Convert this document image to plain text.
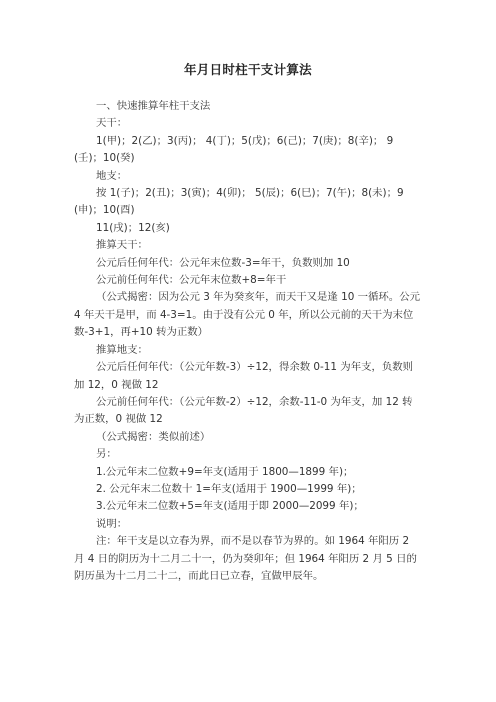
年月日时柱干支计算法

一、快速推算年柱干支法

天干：

1(甲)；2(乙)；3(丙)； 4(丁)；5(戊)；6(己)；7(庚)；8(辛)； 9(壬)；10(癸)

地支：

按 1(子)；2(丑)；3(寅)；4(卯)； 5(辰)；6(巳)；7(午)；8(未)；9(申)；10(酉)

11(戌)；12(亥)

推算天干：

公元后任何年代：公元年末位数-3=年干，负数则加 10

公元前任何年代：公元年末位数+8=年干

（公式揭密：因为公元 3 年为癸亥年，而天干又是逢 10 一循环。公元 4 年天干是甲，而 4-3=1。由于没有公元 0 年，所以公元前的天干为末位数-3+1，再+10 转为正数）

推算地支：

公元后任何年代：（公元年数-3）÷12，得余数 0-11 为年支，负数则加 12，0 视做 12

公元前任何年代：（公元年数-2）÷12，余数-11-0 为年支，加 12 转为正数，0 视做 12

（公式揭密：类似前述）

另：

1.公元年末二位数+9=年支(适用于 1800—1899 年)；

2. 公元年末二位数十 1=年支(适用于 1900—1999 年)；

3.公元年末二位数+5=年支(适用于即 2000—2099 年)；

说明：

注：年干支是以立春为界，而不是以春节为界的。如 1964 年阳历 2 月 4 日的阴历为十二月二十一，仍为癸卯年；但 1964 年阳历 2 月 5 日的阴历虽为十二月二十二，而此日已立春，宜做甲辰年。
